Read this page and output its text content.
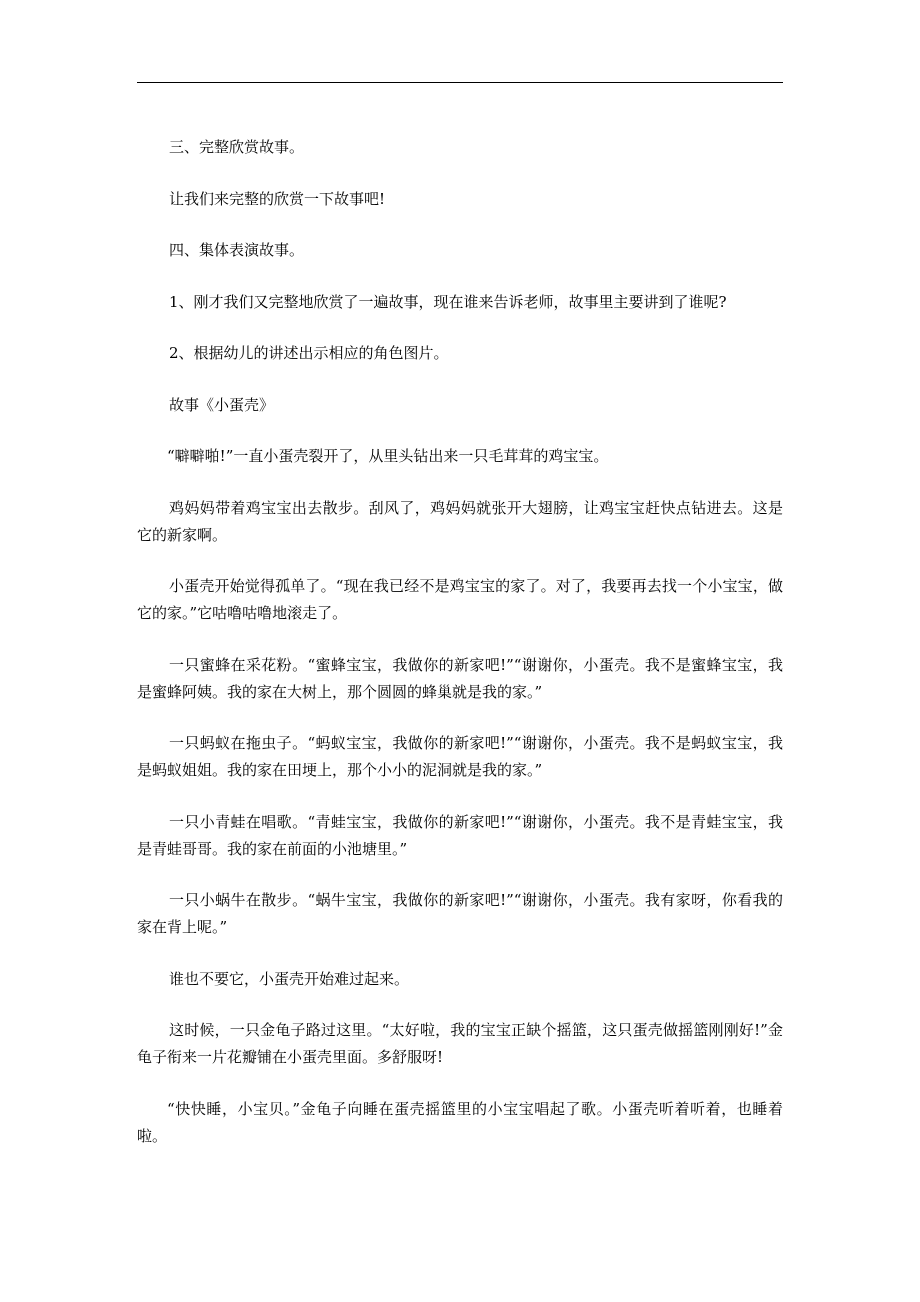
三、完整欣赏故事。

让我们来完整的欣赏一下故事吧!

四、集体表演故事。

1、刚才我们又完整地欣赏了一遍故事，现在谁来告诉老师，故事里主要讲到了谁呢?

2、根据幼儿的讲述出示相应的角色图片。

故事《小蛋壳》

“噼噼啪!”一直小蛋壳裂开了，从里头钻出来一只毛茸茸的鸡宝宝。

鸡妈妈带着鸡宝宝出去散步。刮风了，鸡妈妈就张开大翅膀，让鸡宝宝赶快点钻进去。这是它的新家啊。

小蛋壳开始觉得孤单了。“现在我已经不是鸡宝宝的家了。对了，我要再去找一个小宝宝，做它的家。”它咕噜咕噜地滚走了。

一只蜜蜂在采花粉。“蜜蜂宝宝，我做你的新家吧!”“谢谢你，小蛋壳。我不是蜜蜂宝宝，我是蜜蜂阿姨。我的家在大树上，那个圆圆的蜂巢就是我的家。”

一只蚂蚁在拖虫子。“蚂蚁宝宝，我做你的新家吧!”“谢谢你，小蛋壳。我不是蚂蚁宝宝，我是蚂蚁姐姐。我的家在田埂上，那个小小的泥洞就是我的家。”

一只小青蛙在唱歌。“青蛙宝宝，我做你的新家吧!”“谢谢你，小蛋壳。我不是青蛙宝宝，我是青蛙哥哥。我的家在前面的小池塘里。”

一只小蜗牛在散步。“蜗牛宝宝，我做你的新家吧!”“谢谢你，小蛋壳。我有家呀，你看我的家在背上呢。”

谁也不要它，小蛋壳开始难过起来。

这时候，一只金龟子路过这里。“太好啦，我的宝宝正缺个摇篮，这只蛋壳做摇篮刚刚好!”金龟子衔来一片花瓣铺在小蛋壳里面。多舒服呀!

“快快睡，小宝贝。”金龟子向睡在蛋壳摇篮里的小宝宝唱起了歌。小蛋壳听着听着，也睡着啦。
